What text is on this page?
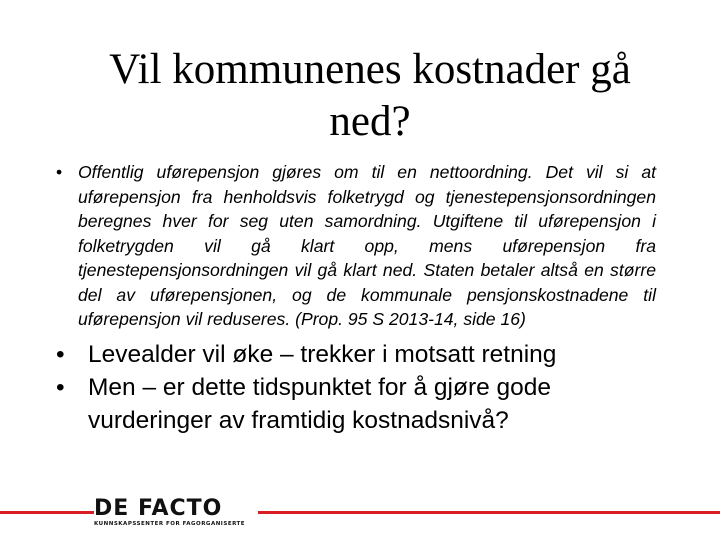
Vil kommunenes kostnader gå
ned?

• Offentlig uførepensjon gjøres om til en nettoordning. Det vil si at uførepensjon fra henholdsvis folketrygd og tjenestepensjonsordningen beregnes hver for seg uten samordning. Utgiftene til uførepensjon i folketrygden vil gå klart opp, mens uførepensjon fra tjenestepensjonsordningen vil gå klart ned. Staten betaler altså en større del av uførepensjonen, og de kommunale pensjonskostnadene til uførepensjon vil reduseres. (Prop. 95 S 2013-14, side 16)

• Levealder vil øke – trekker i motsatt retning

• Men – er dette tidspunktet for å gjøre gode vurderinger av framtidig kostnadsnivå?

DE FACTO
KUNNSKAPSSENTER FOR FAGORGANISERTE
